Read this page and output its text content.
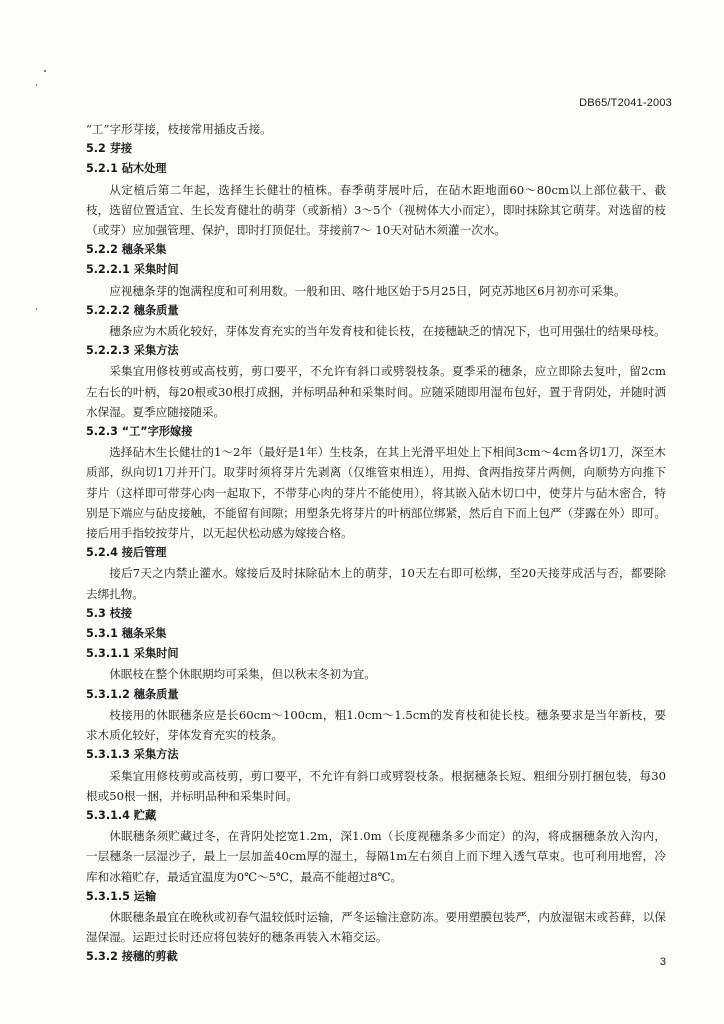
DB65/T2041-2003

“工”字形芽接，枝接常用插皮舌接。

5.2 芽接

5.2.1 砧木处理

从定植后第二年起，选择生长健壮的植株。春季萌芽展叶后，在砧木距地面60～80cm以上部位截干、截枝，选留位置适宜、生长发育健壮的萌芽（或新梢）3～5个（视树体大小而定），即时抹除其它萌芽。对选留的枝（或芽）应加强管理、保护，即时打顶促壮。芽接前7～ 10天对砧木须灌一次水。

5.2.2 穗条采集

5.2.2.1 采集时间

应视穗条芽的饱满程度和可利用数。一般和田、喀什地区始于5月25日，阿克苏地区6月初亦可采集。

5.2.2.2 穗条质量

穗条应为木质化较好，芽体发育充实的当年发育枝和徒长枝，在接穗缺乏的情况下，也可用强壮的结果母枝。

5.2.2.3 采集方法

采集宜用修枝剪或高枝剪，剪口要平，不允许有斜口或劈裂枝条。夏季采的穗条，应立即除去复叶，留2cm左右长的叶柄，每20根或30根打成捆，并标明品种和采集时间。应随采随即用湿布包好，置于背阴处，并随时洒水保湿。夏季应随接随采。

5.2.3 “工”字形嫁接

选择砧木生长健壮的1～2年（最好是1年）生枝条，在其上光滑平坦处上下相间3cm～4cm各切1刀，深至木质部，纵向切1刀并开门。取芽时须将芽片先剥离（仅维管束相连），用拇、食两指按芽片两侧，向顺势方向推下芽片（这样即可带芽心肉一起取下，不带芽心肉的芽片不能使用），将其嵌入砧木切口中，使芽片与砧木密合，特别是下端应与砧皮接触，不能留有间隙；用塑条先将芽片的叶柄部位绑紧，然后自下而上包严（芽露在外）即可。接后用手指较按芽片，以无起伏松动感为嫁接合格。

5.2.4 接后管理

接后7天之内禁止灌水。嫁接后及时抹除砧木上的萌芽，10天左右即可松绑，至20天接芽成活与否，都要除去绑扎物。

5.3 枝接

5.3.1 穗条采集

5.3.1.1 采集时间

休眠枝在整个休眠期均可采集，但以秋末冬初为宜。

5.3.1.2 穗条质量

枝接用的休眠穗条应是长60cm～100cm，粗1.0cm～1.5cm的发育枝和徒长枝。穗条要求是当年新枝，要求木质化较好，芽体发育充实的枝条。

5.3.1.3 采集方法

采集宜用修枝剪或高枝剪，剪口要平，不允许有斜口或劈裂枝条。根据穗条长短、粗细分别打捆包装，每30根或50根一捆，并标明品种和采集时间。

5.3.1.4 贮藏

休眠穗条须贮藏过冬，在背阴处挖宽1.2m，深1.0m（长度视穗条多少而定）的沟，将成捆穗条放入沟内，一层穗条一层湿沙子，最上一层加盖40cm厚的湿土，每隔1m左右须自上而下埋入透气草束。也可利用地窖，冷库和冰箱贮存，最适宜温度为0℃～5℃，最高不能超过8℃。

5.3.1.5 运输

休眠穗条最宜在晚秋或初春气温较低时运输，严冬运输注意防冻。要用塑膜包装严，内放湿锯末或苔藓，以保湿保湿。运距过长时还应将包装好的穗条再装入木箱交运。

5.3.2 接穗的剪截	3
